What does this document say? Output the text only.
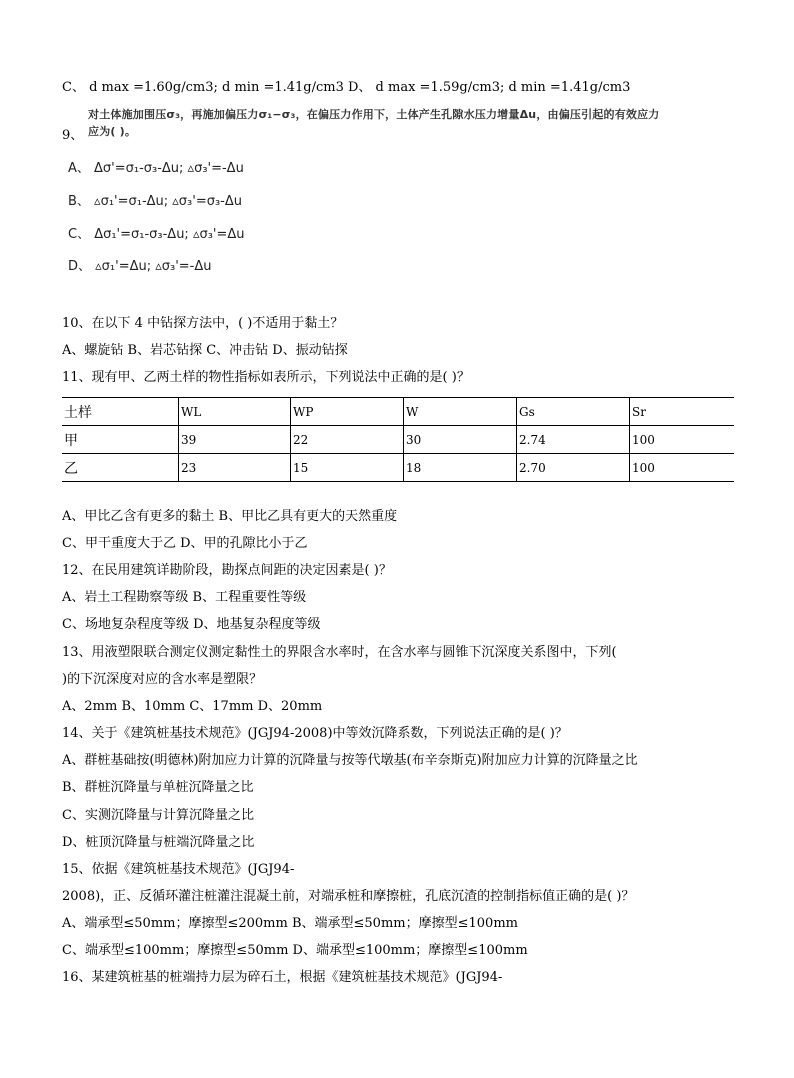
C、 d max =1.60g/cm3; d min =1.41g/cm3 D、 d max =1.59g/cm3; d min =1.41g/cm3
对土体施加围压σ₃，再施加偏压力σ₁−σ₃，在偏压力作用下，土体产生孔隙水压力增量Δu，由偏压引起的有效应力
9、 应为( )。
A、 Δσ'=σ₁-σ₃-Δu; ▵σ₃'=-Δu
B、 ▵σ₁'=σ₁-Δu; ▵σ₃'=σ₃-Δu
C、 Δσ₁'=σ₁-σ₃-Δu; ▵σ₃'=Δu
D、 ▵σ₁'=Δu; ▵σ₃'=-Δu
10、在以下 4 中钻探方法中，( )不适用于黏土？
A、螺旋钻 B、岩芯钻探 C、冲击钻 D、振动钻探
11、现有甲、乙两土样的物性指标如表所示，下列说法中正确的是( )？
土样	WL	WP	W	Gs	Sr
甲	39	22	30	2.74	100
乙	23	15	18	2.70	100
A、甲比乙含有更多的黏土 B、甲比乙具有更大的天然重度
C、甲干重度大于乙 D、甲的孔隙比小于乙
12、在民用建筑详勘阶段，勘探点间距的决定因素是( )？
A、岩土工程勘察等级 B、工程重要性等级
C、场地复杂程度等级 D、地基复杂程度等级
13、用液塑限联合测定仪测定黏性土的界限含水率时，在含水率与圆锥下沉深度关系图中，下列(
)的下沉深度对应的含水率是塑限？
A、2mm B、10mm C、17mm D、20mm
14、关于《建筑桩基技术规范》(JGJ94-2008)中等效沉降系数，下列说法正确的是( )？
A、群桩基础按(明德林)附加应力计算的沉降量与按等代墩基(布辛奈斯克)附加应力计算的沉降量之比
B、群桩沉降量与单桩沉降量之比
C、实测沉降量与计算沉降量之比
D、桩顶沉降量与桩端沉降量之比
15、依据《建筑桩基技术规范》(JGJ94-
2008)，正、反循环灌注桩灌注混凝土前，对端承桩和摩擦桩，孔底沉渣的控制指标值正确的是( )？
A、端承型≤50mm；摩擦型≤200mm B、端承型≤50mm；摩擦型≤100mm
C、端承型≤100mm；摩擦型≤50mm D、端承型≤100mm；摩擦型≤100mm
16、某建筑桩基的桩端持力层为碎石土，根据《建筑桩基技术规范》(JGJ94-
